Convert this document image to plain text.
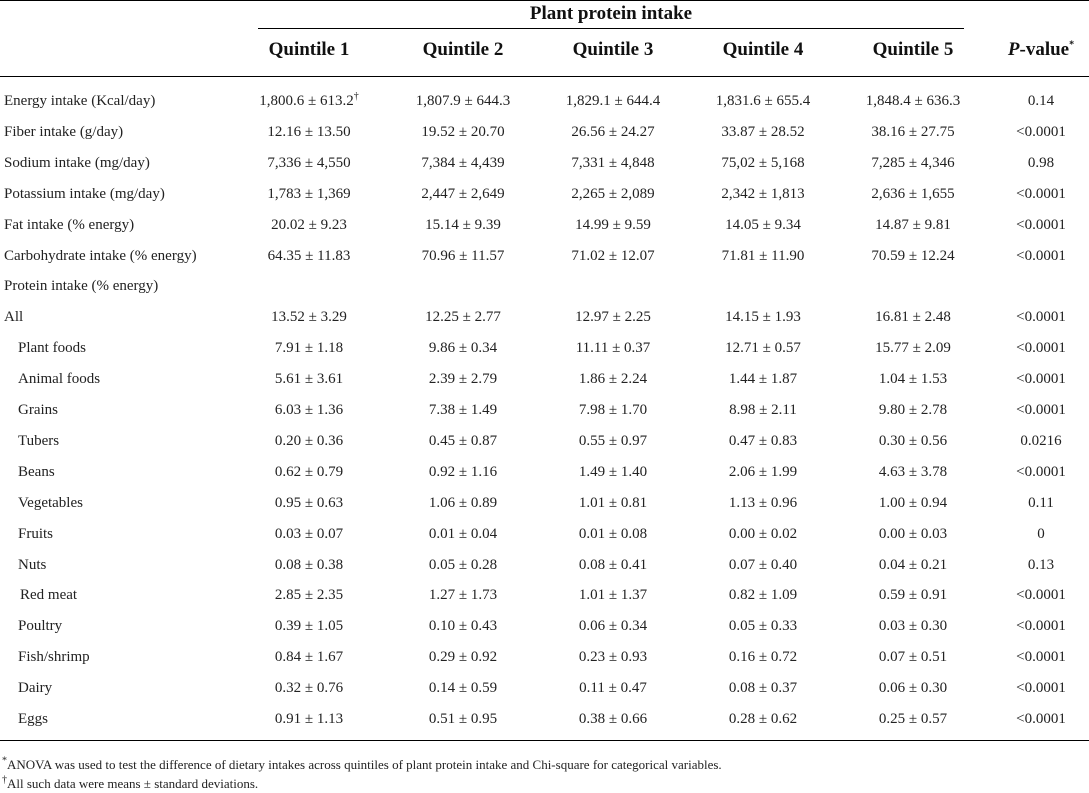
Plant protein intake
Quintile 1	Quintile 2	Quintile 3	Quintile 4	Quintile 5	P-value*
Energy intake (Kcal/day)	1,800.6 ± 613.2†	1,807.9 ± 644.3	1,829.1 ± 644.4	1,831.6 ± 655.4	1,848.4 ± 636.3	0.14
Fiber intake (g/day)	12.16 ± 13.50	19.52 ± 20.70	26.56 ± 24.27	33.87 ± 28.52	38.16 ± 27.75	<0.0001
Sodium intake (mg/day)	7,336 ± 4,550	7,384 ± 4,439	7,331 ± 4,848	75,02 ± 5,168	7,285 ± 4,346	0.98
Potassium intake (mg/day)	1,783 ± 1,369	2,447 ± 2,649	2,265 ± 2,089	2,342 ± 1,813	2,636 ± 1,655	<0.0001
Fat intake (% energy)	20.02 ± 9.23	15.14 ± 9.39	14.99 ± 9.59	14.05 ± 9.34	14.87 ± 9.81	<0.0001
Carbohydrate intake (% energy)	64.35 ± 11.83	70.96 ± 11.57	71.02 ± 12.07	71.81 ± 11.90	70.59 ± 12.24	<0.0001
Protein intake (% energy)
All	13.52 ± 3.29	12.25 ± 2.77	12.97 ± 2.25	14.15 ± 1.93	16.81 ± 2.48	<0.0001
Plant foods	7.91 ± 1.18	9.86 ± 0.34	11.11 ± 0.37	12.71 ± 0.57	15.77 ± 2.09	<0.0001
Animal foods	5.61 ± 3.61	2.39 ± 2.79	1.86 ± 2.24	1.44 ± 1.87	1.04 ± 1.53	<0.0001
Grains	6.03 ± 1.36	7.38 ± 1.49	7.98 ± 1.70	8.98 ± 2.11	9.80 ± 2.78	<0.0001
Tubers	0.20 ± 0.36	0.45 ± 0.87	0.55 ± 0.97	0.47 ± 0.83	0.30 ± 0.56	0.0216
Beans	0.62 ± 0.79	0.92 ± 1.16	1.49 ± 1.40	2.06 ± 1.99	4.63 ± 3.78	<0.0001
Vegetables	0.95 ± 0.63	1.06 ± 0.89	1.01 ± 0.81	1.13 ± 0.96	1.00 ± 0.94	0.11
Fruits	0.03 ± 0.07	0.01 ± 0.04	0.01 ± 0.08	0.00 ± 0.02	0.00 ± 0.03	0
Nuts	0.08 ± 0.38	0.05 ± 0.28	0.08 ± 0.41	0.07 ± 0.40	0.04 ± 0.21	0.13
Red meat	2.85 ± 2.35	1.27 ± 1.73	1.01 ± 1.37	0.82 ± 1.09	0.59 ± 0.91	<0.0001
Poultry	0.39 ± 1.05	0.10 ± 0.43	0.06 ± 0.34	0.05 ± 0.33	0.03 ± 0.30	<0.0001
Fish/shrimp	0.84 ± 1.67	0.29 ± 0.92	0.23 ± 0.93	0.16 ± 0.72	0.07 ± 0.51	<0.0001
Dairy	0.32 ± 0.76	0.14 ± 0.59	0.11 ± 0.47	0.08 ± 0.37	0.06 ± 0.30	<0.0001
Eggs	0.91 ± 1.13	0.51 ± 0.95	0.38 ± 0.66	0.28 ± 0.62	0.25 ± 0.57	<0.0001
*ANOVA was used to test the difference of dietary intakes across quintiles of plant protein intake and Chi-square for categorical variables.
†All such data were means ± standard deviations.
